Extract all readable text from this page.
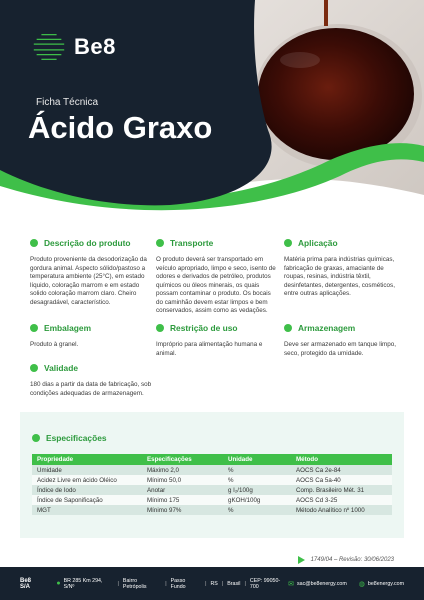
Be8
Ficha Técnica
Ácido Graxo
Descrição do produto
Produto proveniente da desodorização da gordura animal. Aspecto sólido/pastoso a temperatura ambiente (25°C), em estado líquido, coloração marrom e em estado solido coloração marrom claro. Cheiro desagradável, característico.
Transporte
O produto deverá ser transportado em veículo apropriado, limpo e seco, isento de odores e derivados de petróleo, produtos químicos ou óleos minerais, os quais possam contaminar o produto. Os bocais do caminhão devem estar limpos e bem conservados, assim como as vedações.
Aplicação
Matéria prima para indústrias químicas, fabricação de graxas, amaciante de roupas, resinas, indústria têxtil, desinfetantes, detergentes, cosméticos, entre outras aplicações.
Embalagem
Produto à granel.
Restrição de uso
Impróprio para alimentação humana e animal.
Armazenagem
Deve ser armazenado em tanque limpo, seco, protegido da umidade.
Validade
180 dias a partir da data de fabricação, sob condições adequadas de armazenagem.
Especificações
Propriedade	Especificações	Unidade	Método
Umidade	Máximo 2,0	%	AOCS Ca 2e-84
Acidez Livre em ácido Oléico	Mínimo 50,0	%	AOCS Ca 5a-40
Índice de Iodo	Anotar	g I₂/100g	Comp. Brasileiro Mét. 31
Índice de Saponificação	Mínimo 175	gKOH/100g	AOCS Cd 3-25
MGT	Mínimo 97%	%	Método Analítico nº 1000
1749/04 – Revisão: 30/06/2023
Be8 S/A	● BR 285 Km 294, S/Nº	| Bairro Petrópolis	| Passo Fundo	| RS | Brasil | CEP: 99050-700	✉ sac@be8energy.com ◍ be8energy.com
